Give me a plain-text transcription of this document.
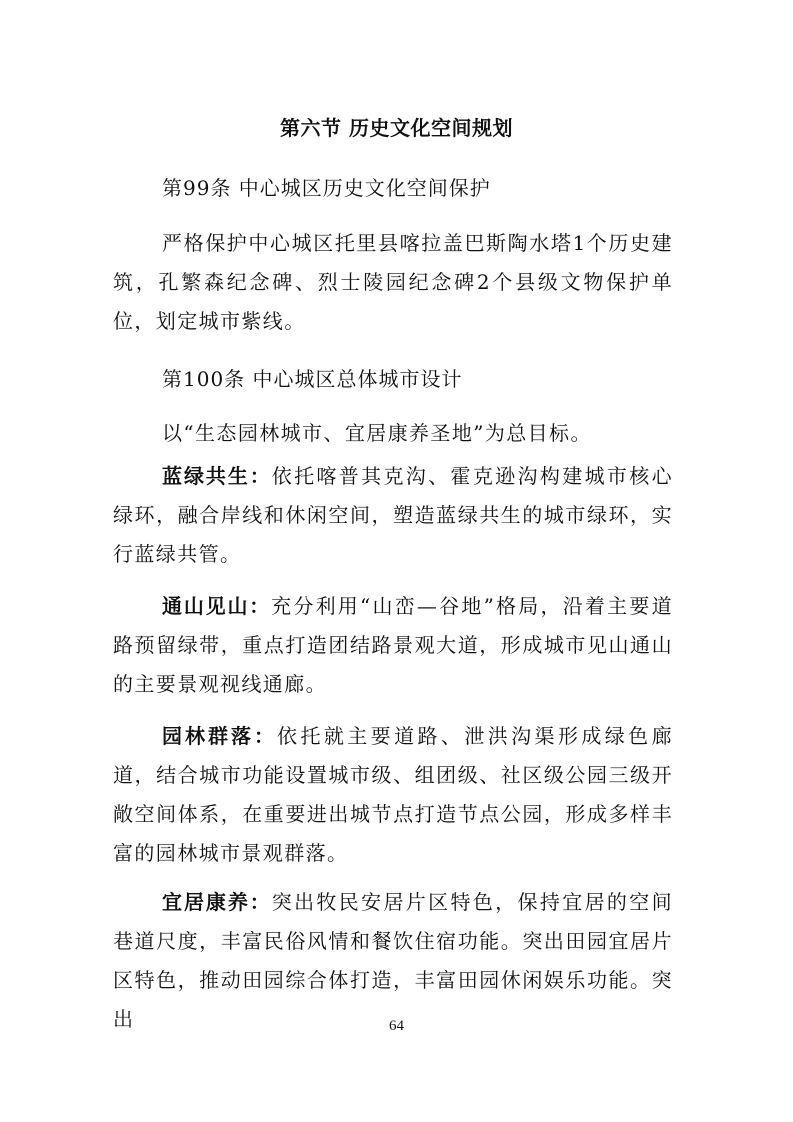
第六节 历史文化空间规划
第99条 中心城区历史文化空间保护

严格保护中心城区托里县喀拉盖巴斯陶水塔1个历史建筑，孔繁森纪念碑、烈士陵园纪念碑2个县级文物保护单位，划定城市紫线。

第100条 中心城区总体城市设计

以“生态园林城市、宜居康养圣地”为总目标。

蓝绿共生：依托喀普其克沟、霍克逊沟构建城市核心绿环，融合岸线和休闲空间，塑造蓝绿共生的城市绿环，实行蓝绿共管。

通山见山：充分利用“山峦—谷地”格局，沿着主要道路预留绿带，重点打造团结路景观大道，形成城市见山通山的主要景观视线通廊。

园林群落：依托就主要道路、泄洪沟渠形成绿色廊道，结合城市功能设置城市级、组团级、社区级公园三级开敞空间体系，在重要进出城节点打造节点公园，形成多样丰富的园林城市景观群落。

宜居康养：突出牧民安居片区特色，保持宜居的空间巷道尺度，丰富民俗风情和餐饮住宿功能。突出田园宜居片区特色，推动田园综合体打造，丰富田园休闲娱乐功能。突出	64
